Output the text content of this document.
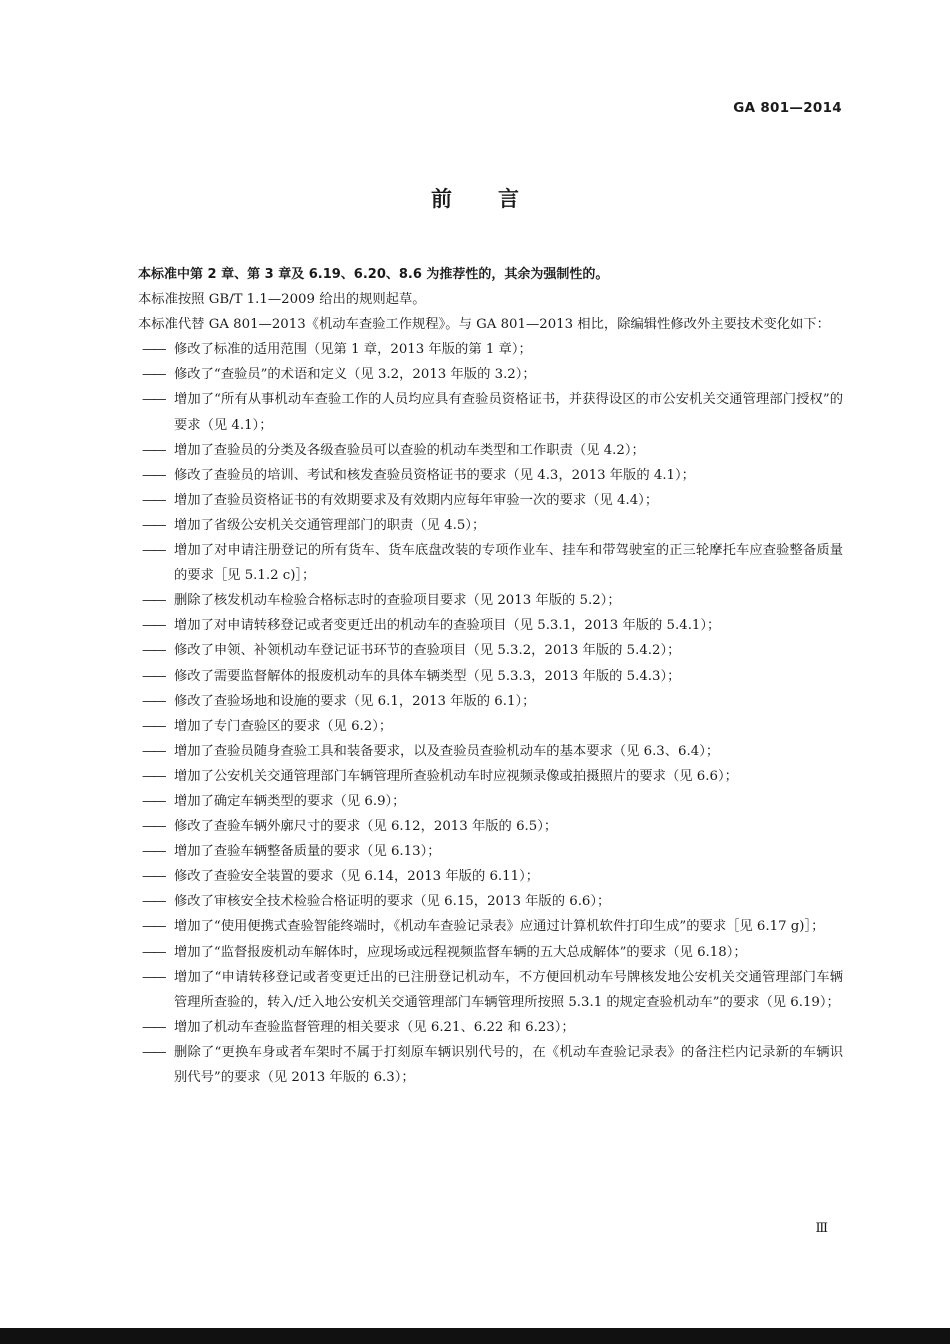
GA 801—2014
前言
本标准中第 2 章、第 3 章及 6.19、6.20、8.6 为推荐性的，其余为强制性的。
本标准按照 GB/T 1.1—2009 给出的规则起草。
本标准代替 GA 801—2013《机动车查验工作规程》。与 GA 801—2013 相比，除编辑性修改外主要技术变化如下：
—— 修改了标准的适用范围（见第 1 章，2013 年版的第 1 章）；
—— 修改了“查验员”的术语和定义（见 3.2，2013 年版的 3.2）；
—— 增加了“所有从事机动车查验工作的人员均应具有查验员资格证书，并获得设区的市公安机关交通管理部门授权”的要求（见 4.1）；
—— 增加了查验员的分类及各级查验员可以查验的机动车类型和工作职责（见 4.2）；
—— 修改了查验员的培训、考试和核发查验员资格证书的要求（见 4.3，2013 年版的 4.1）；
—— 增加了查验员资格证书的有效期要求及有效期内应每年审验一次的要求（见 4.4）；
—— 增加了省级公安机关交通管理部门的职责（见 4.5）；
—— 增加了对申请注册登记的所有货车、货车底盘改装的专项作业车、挂车和带驾驶室的正三轮摩托车应查验整备质量的要求［见 5.1.2 c)］；
—— 删除了核发机动车检验合格标志时的查验项目要求（见 2013 年版的 5.2）；
—— 增加了对申请转移登记或者变更迁出的机动车的查验项目（见 5.3.1，2013 年版的 5.4.1）；
—— 修改了申领、补领机动车登记证书环节的查验项目（见 5.3.2，2013 年版的 5.4.2）；
—— 修改了需要监督解体的报废机动车的具体车辆类型（见 5.3.3，2013 年版的 5.4.3）；
—— 修改了查验场地和设施的要求（见 6.1，2013 年版的 6.1）；
—— 增加了专门查验区的要求（见 6.2）；
—— 增加了查验员随身查验工具和装备要求，以及查验员查验机动车的基本要求（见 6.3、6.4）；
—— 增加了公安机关交通管理部门车辆管理所查验机动车时应视频录像或拍摄照片的要求（见 6.6）；
—— 增加了确定车辆类型的要求（见 6.9）；
—— 修改了查验车辆外廓尺寸的要求（见 6.12，2013 年版的 6.5）；
—— 增加了查验车辆整备质量的要求（见 6.13）；
—— 修改了查验安全装置的要求（见 6.14，2013 年版的 6.11）；
—— 修改了审核安全技术检验合格证明的要求（见 6.15，2013 年版的 6.6）；
—— 增加了“使用便携式查验智能终端时，《机动车查验记录表》应通过计算机软件打印生成”的要求［见 6.17 g)］；
—— 增加了“监督报废机动车解体时，应现场或远程视频监督车辆的五大总成解体”的要求（见 6.18）；
—— 增加了“申请转移登记或者变更迁出的已注册登记机动车，不方便回机动车号牌核发地公安机关交通管理部门车辆管理所查验的，转入/迁入地公安机关交通管理部门车辆管理所按照 5.3.1 的规定查验机动车”的要求（见 6.19）；
—— 增加了机动车查验监督管理的相关要求（见 6.21、6.22 和 6.23）；
—— 删除了“更换车身或者车架时不属于打刻原车辆识别代号的，在《机动车查验记录表》的备注栏内记录新的车辆识别代号”的要求（见 2013 年版的 6.3）；
Ⅲ
